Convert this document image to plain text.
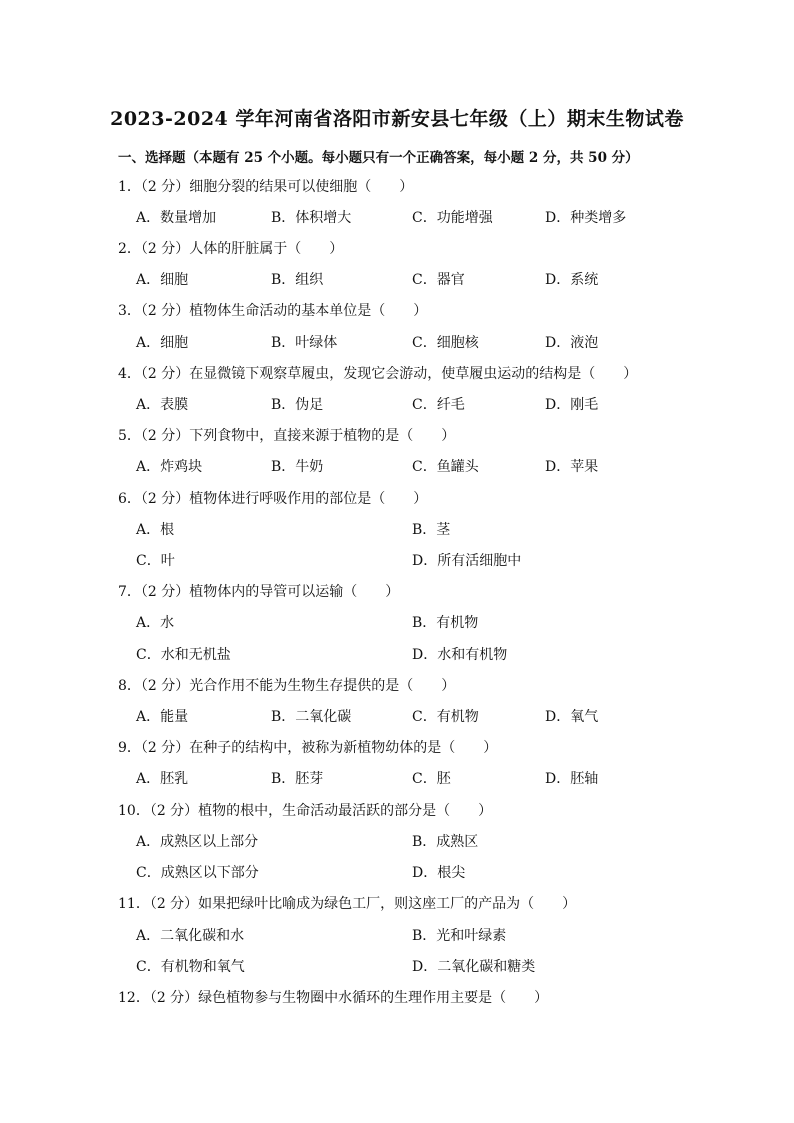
2023-2024 学年河南省洛阳市新安县七年级（上）期末生物试卷
一、选择题（本题有 25 个小题。每小题只有一个正确答案，每小题 2 分，共 50 分）
1．（2 分）细胞分裂的结果可以使细胞（　　）
A．数量增加	B．体积增大	C．功能增强	D．种类增多
2．（2 分）人体的肝脏属于（　　）
A．细胞	B．组织	C．器官	D．系统
3．（2 分）植物体生命活动的基本单位是（　　）
A．细胞	B．叶绿体	C．细胞核	D．液泡
4．（2 分）在显微镜下观察草履虫，发现它会游动，使草履虫运动的结构是（　　）
A．表膜	B．伪足	C．纤毛	D．刚毛
5．（2 分）下列食物中，直接来源于植物的是（　　）
A．炸鸡块	B．牛奶	C．鱼罐头	D．苹果
6．（2 分）植物体进行呼吸作用的部位是（　　）
A．根	B．茎
C．叶	D．所有活细胞中
7．（2 分）植物体内的导管可以运输（　　）
A．水	B．有机物
C．水和无机盐	D．水和有机物
8．（2 分）光合作用不能为生物生存提供的是（　　）
A．能量	B．二氧化碳	C．有机物	D．氧气
9．（2 分）在种子的结构中，被称为新植物幼体的是（　　）
A．胚乳	B．胚芽	C．胚	D．胚轴
10．（2 分）植物的根中，生命活动最活跃的部分是（　　）
A．成熟区以上部分	B．成熟区
C．成熟区以下部分	D．根尖
11．（2 分）如果把绿叶比喻成为绿色工厂，则这座工厂的产品为（　　）
A．二氧化碳和水	B．光和叶绿素
C．有机物和氧气	D．二氧化碳和糖类
12．（2 分）绿色植物参与生物圈中水循环的生理作用主要是（　　）
